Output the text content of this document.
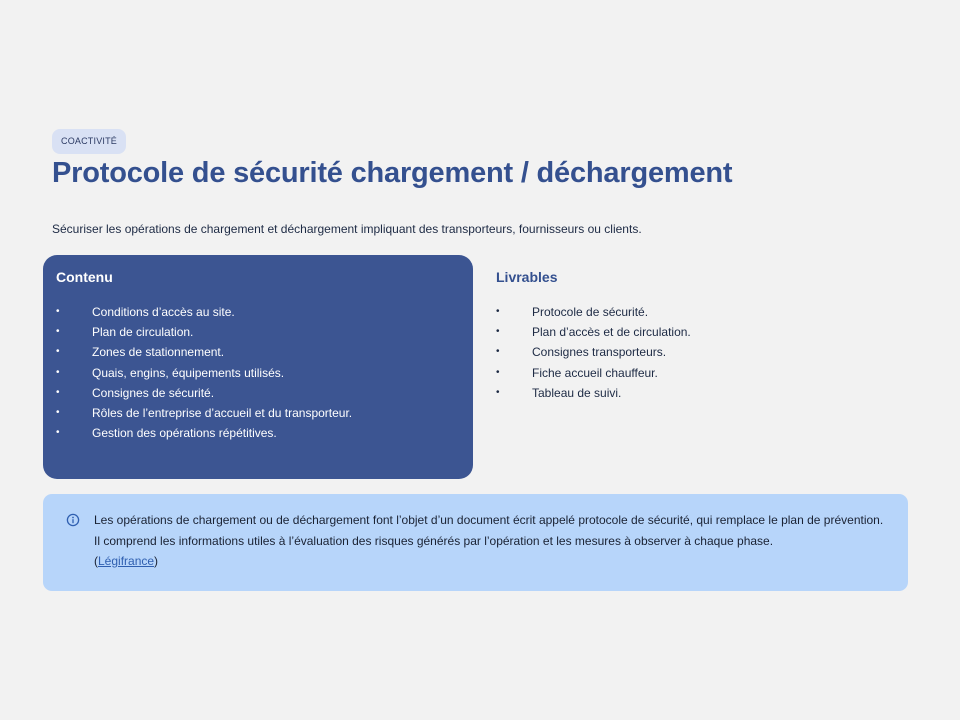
COACTIVITÉ
Protocole de sécurité chargement / déchargement

Sécuriser les opérations de chargement et déchargement impliquant des transporteurs, fournisseurs ou clients.

Contenu
•	Conditions d’accès au site.
•	Plan de circulation.
•	Zones de stationnement.
•	Quais, engins, équipements utilisés.
•	Consignes de sécurité.
•	Rôles de l’entreprise d’accueil et du transporteur.
•	Gestion des opérations répétitives.
Livrables
•	Protocole de sécurité.
•	Plan d’accès et de circulation.
•	Consignes transporteurs.
•	Fiche accueil chauffeur.
•	Tableau de suivi.

Les opérations de chargement ou de déchargement font l’objet d’un document écrit appelé protocole de sécurité, qui remplace le plan de prévention. Il comprend les informations utiles à l’évaluation des risques générés par l’opération et les mesures à observer à chaque phase.
(Légifrance)
